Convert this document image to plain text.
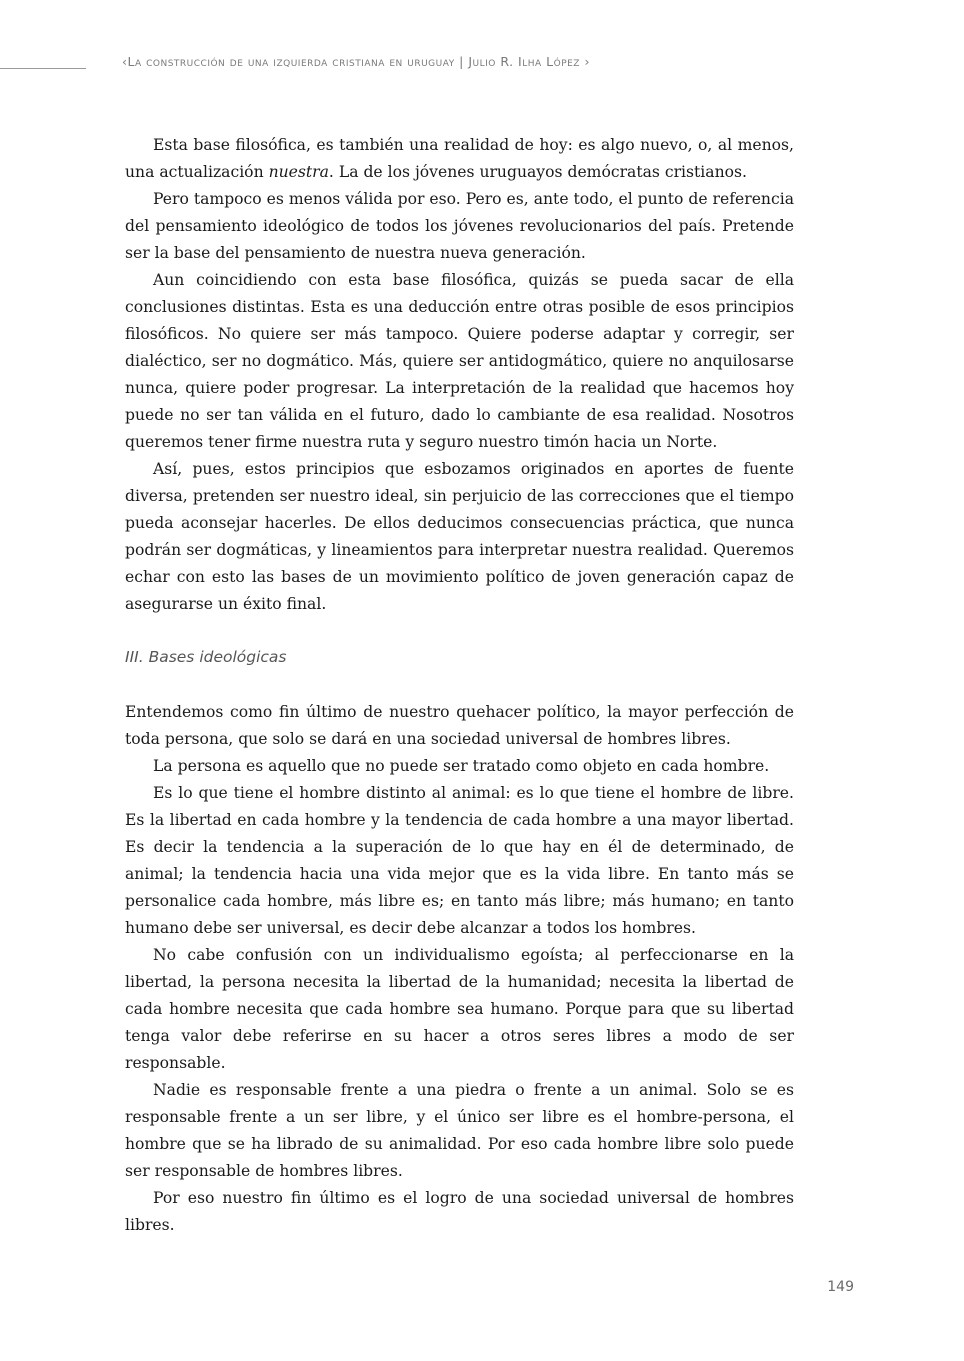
‹La construcción de una izquierda cristiana en uruguay | Julio R. Ilha López ›

Esta base filosófica, es también una realidad de hoy: es algo nuevo, o, al menos, una actualización nuestra. La de los jóvenes uruguayos demócratas cristianos.

Pero tampoco es menos válida por eso. Pero es, ante todo, el punto de referencia del pensamiento ideológico de todos los jóvenes revolucionarios del país. Pretende ser la base del pensamiento de nuestra nueva generación.

Aun coincidiendo con esta base filosófica, quizás se pueda sacar de ella conclusiones distintas. Esta es una deducción entre otras posible de esos principios filosóficos. No quiere ser más tampoco. Quiere poderse adaptar y corregir, ser dialéctico, ser no dogmático. Más, quiere ser antidogmático, quiere no anquilosarse nunca, quiere poder progresar. La interpretación de la realidad que hacemos hoy puede no ser tan válida en el futuro, dado lo cambiante de esa realidad. Nosotros queremos tener firme nuestra ruta y seguro nuestro timón hacia un Norte.

Así, pues, estos principios que esbozamos originados en aportes de fuente diversa, pretenden ser nuestro ideal, sin perjuicio de las correcciones que el tiempo pueda aconsejar hacerles. De ellos deducimos consecuencias práctica, que nunca podrán ser dogmáticas, y lineamientos para interpretar nuestra realidad. Queremos echar con esto las bases de un movimiento político de joven generación capaz de asegurarse un éxito final.

III. Bases ideológicas

Entendemos como fin último de nuestro quehacer político, la mayor perfección de toda persona, que solo se dará en una sociedad universal de hombres libres.

La persona es aquello que no puede ser tratado como objeto en cada hombre.

Es lo que tiene el hombre distinto al animal: es lo que tiene el hombre de libre. Es la libertad en cada hombre y la tendencia de cada hombre a una mayor libertad. Es decir la tendencia a la superación de lo que hay en él de determinado, de animal; la tendencia hacia una vida mejor que es la vida libre. En tanto más se personalice cada hombre, más libre es; en tanto más libre; más humano; en tanto humano debe ser universal, es decir debe alcanzar a todos los hombres.

No cabe confusión con un individualismo egoísta; al perfeccionarse en la libertad, la persona necesita la libertad de la humanidad; necesita la libertad de cada hombre necesita que cada hombre sea humano. Porque para que su libertad tenga valor debe referirse en su hacer a otros seres libres a modo de ser responsable.

Nadie es responsable frente a una piedra o frente a un animal. Solo se es responsable frente a un ser libre, y el único ser libre es el hombre-persona, el hombre que se ha librado de su animalidad. Por eso cada hombre libre solo puede ser responsable de hombres libres.

Por eso nuestro fin último es el logro de una sociedad universal de hombres libres.

149
